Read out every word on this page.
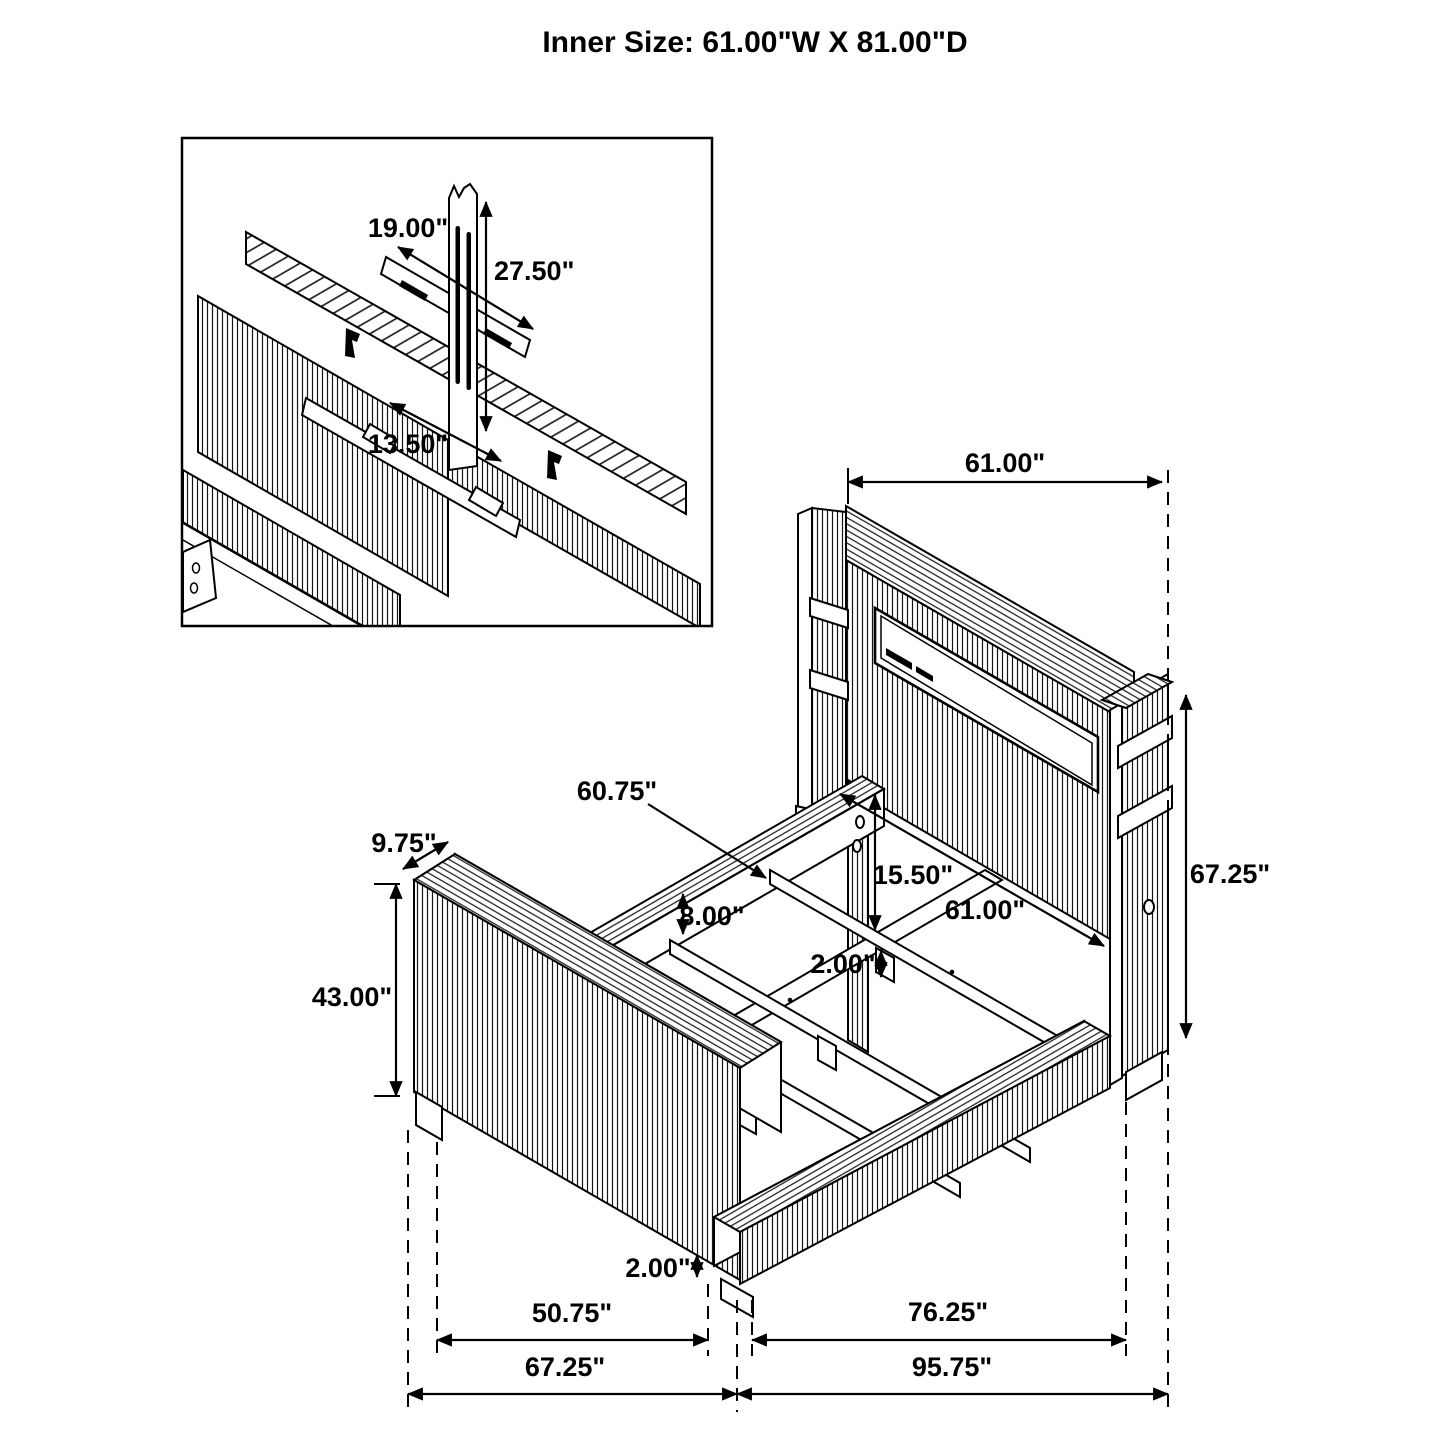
Inner Size: 61.00"W X 81.00"D
19.00"
27.50"
13.50"
61.00"
67.25"
60.75"
9.75"
43.00"
8.00"
15.50"
61.00"
2.00"
2.00"
50.75"	76.25"
67.25"	95.75"
